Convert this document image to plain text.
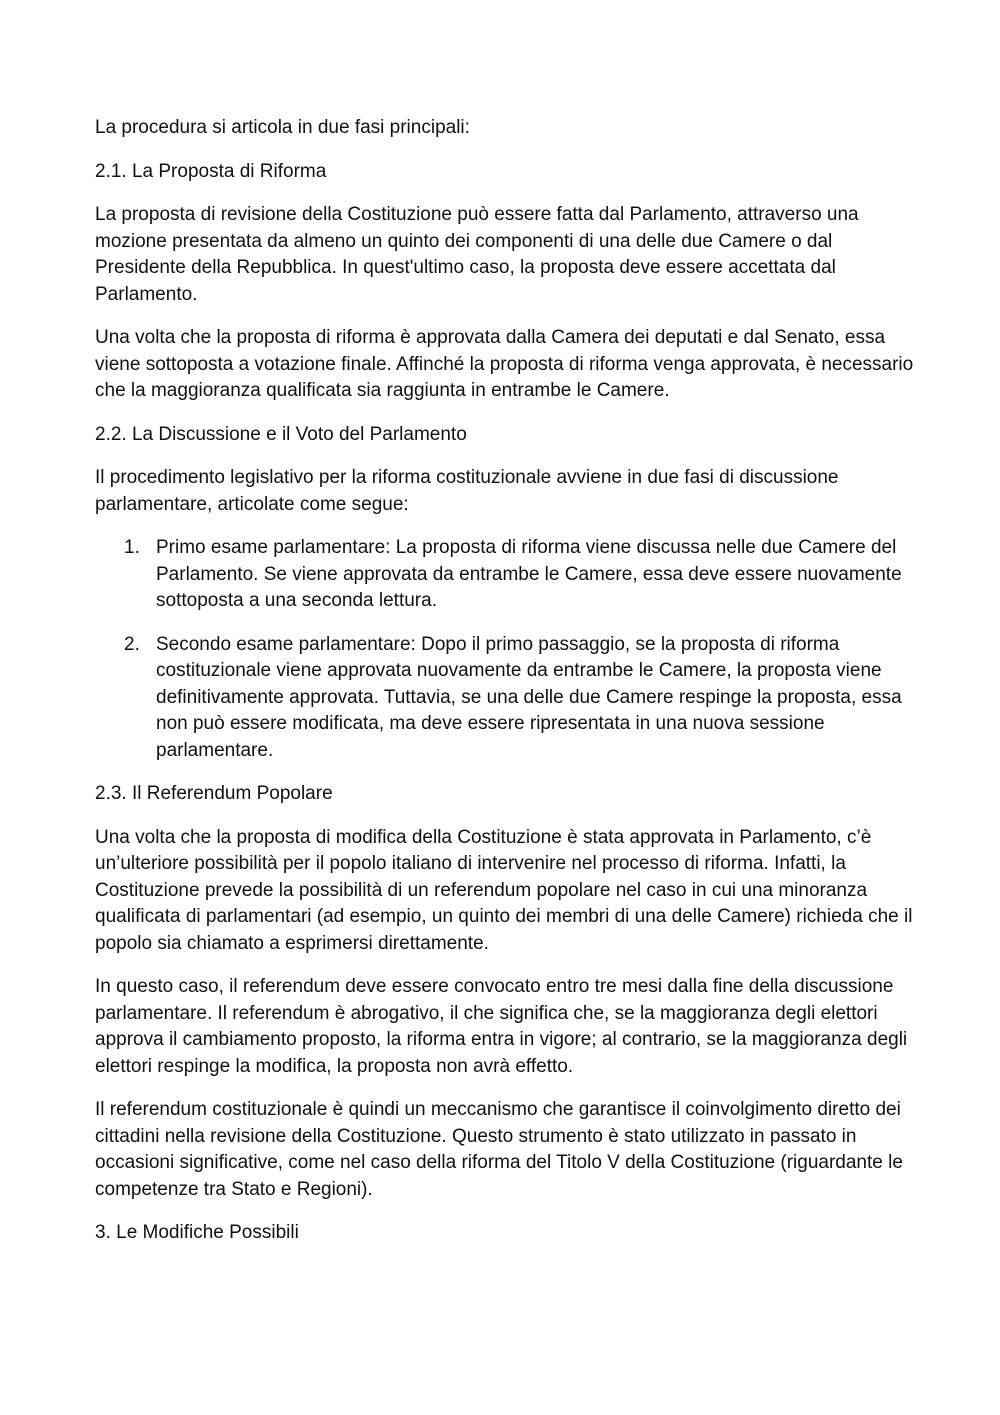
La procedura si articola in due fasi principali:

2.1. La Proposta di Riforma

La proposta di revisione della Costituzione può essere fatta dal Parlamento, attraverso una mozione presentata da almeno un quinto dei componenti di una delle due Camere o dal Presidente della Repubblica. In quest'ultimo caso, la proposta deve essere accettata dal Parlamento.

Una volta che la proposta di riforma è approvata dalla Camera dei deputati e dal Senato, essa viene sottoposta a votazione finale. Affinché la proposta di riforma venga approvata, è necessario che la maggioranza qualificata sia raggiunta in entrambe le Camere.

2.2. La Discussione e il Voto del Parlamento

Il procedimento legislativo per la riforma costituzionale avviene in due fasi di discussione parlamentare, articolate come segue:

1. Primo esame parlamentare: La proposta di riforma viene discussa nelle due Camere del Parlamento. Se viene approvata da entrambe le Camere, essa deve essere nuovamente sottoposta a una seconda lettura.
2. Secondo esame parlamentare: Dopo il primo passaggio, se la proposta di riforma costituzionale viene approvata nuovamente da entrambe le Camere, la proposta viene definitivamente approvata. Tuttavia, se una delle due Camere respinge la proposta, essa non può essere modificata, ma deve essere ripresentata in una nuova sessione parlamentare.

2.3. Il Referendum Popolare

Una volta che la proposta di modifica della Costituzione è stata approvata in Parlamento, c’è un’ulteriore possibilità per il popolo italiano di intervenire nel processo di riforma. Infatti, la Costituzione prevede la possibilità di un referendum popolare nel caso in cui una minoranza qualificata di parlamentari (ad esempio, un quinto dei membri di una delle Camere) richieda che il popolo sia chiamato a esprimersi direttamente.

In questo caso, il referendum deve essere convocato entro tre mesi dalla fine della discussione parlamentare. Il referendum è abrogativo, il che significa che, se la maggioranza degli elettori approva il cambiamento proposto, la riforma entra in vigore; al contrario, se la maggioranza degli elettori respinge la modifica, la proposta non avrà effetto.

Il referendum costituzionale è quindi un meccanismo che garantisce il coinvolgimento diretto dei cittadini nella revisione della Costituzione. Questo strumento è stato utilizzato in passato in occasioni significative, come nel caso della riforma del Titolo V della Costituzione (riguardante le competenze tra Stato e Regioni).

3. Le Modifiche Possibili
